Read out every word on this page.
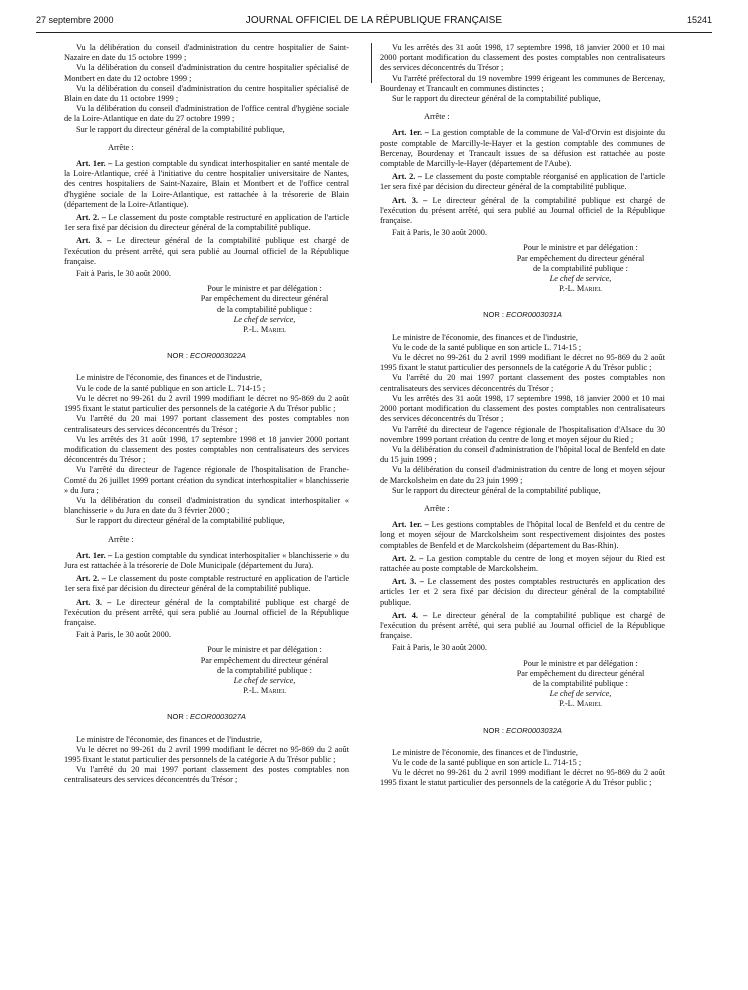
27 septembre 2000	JOURNAL OFFICIEL DE LA RÉPUBLIQUE FRANÇAISE	15241

Vu la délibération du conseil d'administration du centre hospitalier de Saint-Nazaire en date du 15 octobre 1999 ;

Vu la délibération du conseil d'administration du centre hospitalier spécialisé de Montbert en date du 12 octobre 1999 ;

Vu la délibération du conseil d'administration du centre hospitalier spécialisé de Blain en date du 11 octobre 1999 ;

Vu la délibération du conseil d'administration de l'office central d'hygiène sociale de la Loire-Atlantique en date du 27 octobre 1999 ;

Sur le rapport du directeur général de la comptabilité publique,

Arrête :

Art. 1er. – La gestion comptable du syndicat interhospitalier en santé mentale de la Loire-Atlantique, créé à l'initiative du centre hospitalier universitaire de Nantes, des centres hospitaliers de Saint-Nazaire, Blain et Montbert et de l'office central d'hygiène sociale de la Loire-Atlantique, est rattachée à la trésorerie de Blain (département de la Loire-Atlantique).

Art. 2. – Le classement du poste comptable restructuré en application de l'article 1er sera fixé par décision du directeur général de la comptabilité publique.

Art. 3. – Le directeur général de la comptabilité publique est chargé de l'exécution du présent arrêté, qui sera publié au Journal officiel de la République française.

Fait à Paris, le 30 août 2000.

Pour le ministre et par délégation :
Par empêchement du directeur général
de la comptabilité publique :
Le chef de service,
P.-L. Mariel
NOR : ECOR0003022A

Le ministre de l'économie, des finances et de l'industrie,

Vu le code de la santé publique en son article L. 714-15 ;

Vu le décret no 99-261 du 2 avril 1999 modifiant le décret no 95-869 du 2 août 1995 fixant le statut particulier des personnels de la catégorie A du Trésor public ;

Vu l'arrêté du 20 mai 1997 portant classement des postes comptables non centralisateurs des services déconcentrés du Trésor ;

Vu les arrêtés des 31 août 1998, 17 septembre 1998 et 18 janvier 2000 portant modification du classement des postes comptables non centralisateurs des services déconcentrés du Trésor ;

Vu l'arrêté du directeur de l'agence régionale de l'hospitalisation de Franche-Comté du 26 juillet 1999 portant création du syndicat interhospitalier « blanchisserie » du Jura ;

Vu la délibération du conseil d'administration du syndicat interhospitalier « blanchisserie » du Jura en date du 3 février 2000 ;

Sur le rapport du directeur général de la comptabilité publique,

Arrête :

Art. 1er. – La gestion comptable du syndicat interhospitalier « blanchisserie » du Jura est rattachée à la trésorerie de Dole Municipale (département du Jura).

Art. 2. – Le classement du poste comptable restructuré en application de l'article 1er sera fixé par décision du directeur général de la comptabilité publique.

Art. 3. – Le directeur général de la comptabilité publique est chargé de l'exécution du présent arrêté, qui sera publié au Journal officiel de la République française.

Fait à Paris, le 30 août 2000.

Pour le ministre et par délégation :
Par empêchement du directeur général
de la comptabilité publique :
Le chef de service,
P.-L. Mariel
NOR : ECOR0003027A

Le ministre de l'économie, des finances et de l'industrie,

Vu le décret no 99-261 du 2 avril 1999 modifiant le décret no 95-869 du 2 août 1995 fixant le statut particulier des personnels de la catégorie A du Trésor public ;

Vu l'arrêté du 20 mai 1997 portant classement des postes comptables non centralisateurs des services déconcentrés du Trésor ;

Vu les arrêtés des 31 août 1998, 17 septembre 1998, 18 janvier 2000 et 10 mai 2000 portant modification du classement des postes comptables non centralisateurs des services déconcentrés du Trésor ;

Vu l'arrêté préfectoral du 19 novembre 1999 érigeant les communes de Bercenay, Bourdenay et Trancault en communes distinctes ;

Sur le rapport du directeur général de la comptabilité publique,

Arrête :

Art. 1er. – La gestion comptable de la commune de Val-d'Orvin est disjointe du poste comptable de Marcilly-le-Hayer et la gestion comptable des communes de Bercenay, Bourdenay et Trancault issues de sa défusion est rattachée au poste comptable de Marcilly-le-Hayer (département de l'Aube).

Art. 2. – Le classement du poste comptable réorganisé en application de l'article 1er sera fixé par décision du directeur général de la comptabilité publique.

Art. 3. – Le directeur général de la comptabilité publique est chargé de l'exécution du présent arrêté, qui sera publié au Journal officiel de la République française.

Fait à Paris, le 30 août 2000.

Pour le ministre et par délégation :
Par empêchement du directeur général
de la comptabilité publique :
Le chef de service,
P.-L. Mariel
NOR : ECOR0003031A

Le ministre de l'économie, des finances et de l'industrie,

Vu le code de la santé publique en son article L. 714-15 ;

Vu le décret no 99-261 du 2 avril 1999 modifiant le décret no 95-869 du 2 août 1995 fixant le statut particulier des personnels de la catégorie A du Trésor public ;

Vu l'arrêté du 20 mai 1997 portant classement des postes comptables non centralisateurs des services déconcentrés du Trésor ;

Vu les arrêtés des 31 août 1998, 17 septembre 1998, 18 janvier 2000 et 10 mai 2000 portant modification du classement des postes comptables non centralisateurs des services déconcentrés du Trésor ;

Vu l'arrêté du directeur de l'agence régionale de l'hospitalisation d'Alsace du 30 novembre 1999 portant création du centre de long et moyen séjour du Ried ;

Vu la délibération du conseil d'administration de l'hôpital local de Benfeld en date du 15 juin 1999 ;

Vu la délibération du conseil d'administration du centre de long et moyen séjour de Marckolsheim en date du 23 juin 1999 ;

Sur le rapport du directeur général de la comptabilité publique,

Arrête :

Art. 1er. – Les gestions comptables de l'hôpital local de Benfeld et du centre de long et moyen séjour de Marckolsheim sont respectivement disjointes des postes comptables de Benfeld et de Marckolsheim (département du Bas-Rhin).

Art. 2. – La gestion comptable du centre de long et moyen séjour du Ried est rattachée au poste comptable de Marckolsheim.

Art. 3. – Le classement des postes comptables restructurés en application des articles 1er et 2 sera fixé par décision du directeur général de la comptabilité publique.

Art. 4. – Le directeur général de la comptabilité publique est chargé de l'exécution du présent arrêté, qui sera publié au Journal officiel de la République française.

Fait à Paris, le 30 août 2000.

Pour le ministre et par délégation :
Par empêchement du directeur général
de la comptabilité publique :
Le chef de service,
P.-L. Mariel
NOR : ECOR0003032A

Le ministre de l'économie, des finances et de l'industrie,

Vu le code de la santé publique en son article L. 714-15 ;

Vu le décret no 99-261 du 2 avril 1999 modifiant le décret no 95-869 du 2 août 1995 fixant le statut particulier des personnels de la catégorie A du Trésor public ;
